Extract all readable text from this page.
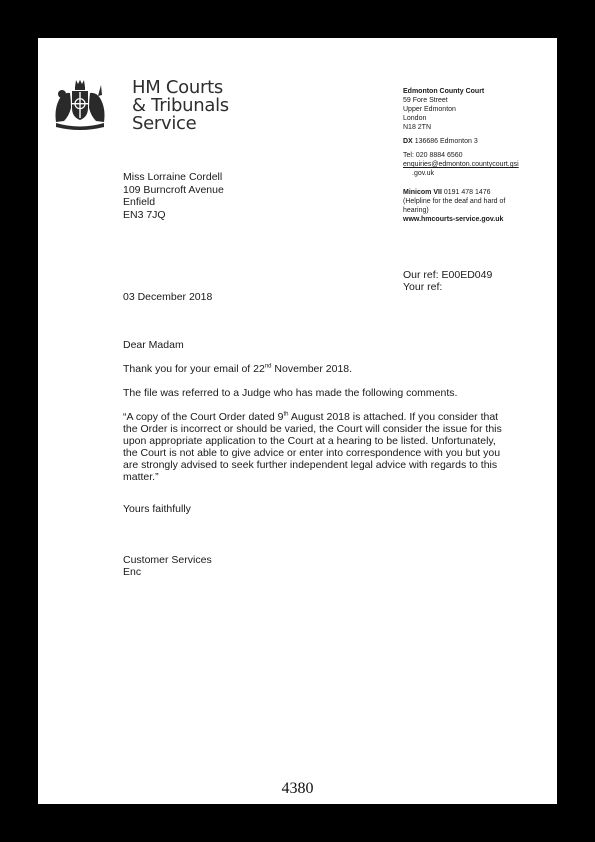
HM Courts
& Tribunals
Service
Edmonton County Court
59 Fore Street
Upper Edmonton
London
N18 2TN
DX 136686 Edmonton 3
Tel: 020 8884 6560
enquiries@edmonton.countycourt.gsi
.gov.uk
Minicom VII 0191 478 1476
(Helpline for the deaf and hard of
hearing)
www.hmcourts-service.gov.uk
Miss Lorraine Cordell
109 Burncroft Avenue
Enfield
EN3 7JQ
Our ref: E00ED049
Your ref:
03 December 2018

Dear Madam

Thank you for your email of 22nd November 2018.

The file was referred to a Judge who has made the following comments.

“A copy of the Court Order dated 9th August 2018 is attached. If you consider that the Order is incorrect or should be varied, the Court will consider the issue for this upon appropriate application to the Court at a hearing to be listed. Unfortunately, the Court is not able to give advice or enter into correspondence with you but you are strongly advised to seek further independent legal advice with regards to this matter.”

Yours faithfully

Customer Services
Enc
4380
